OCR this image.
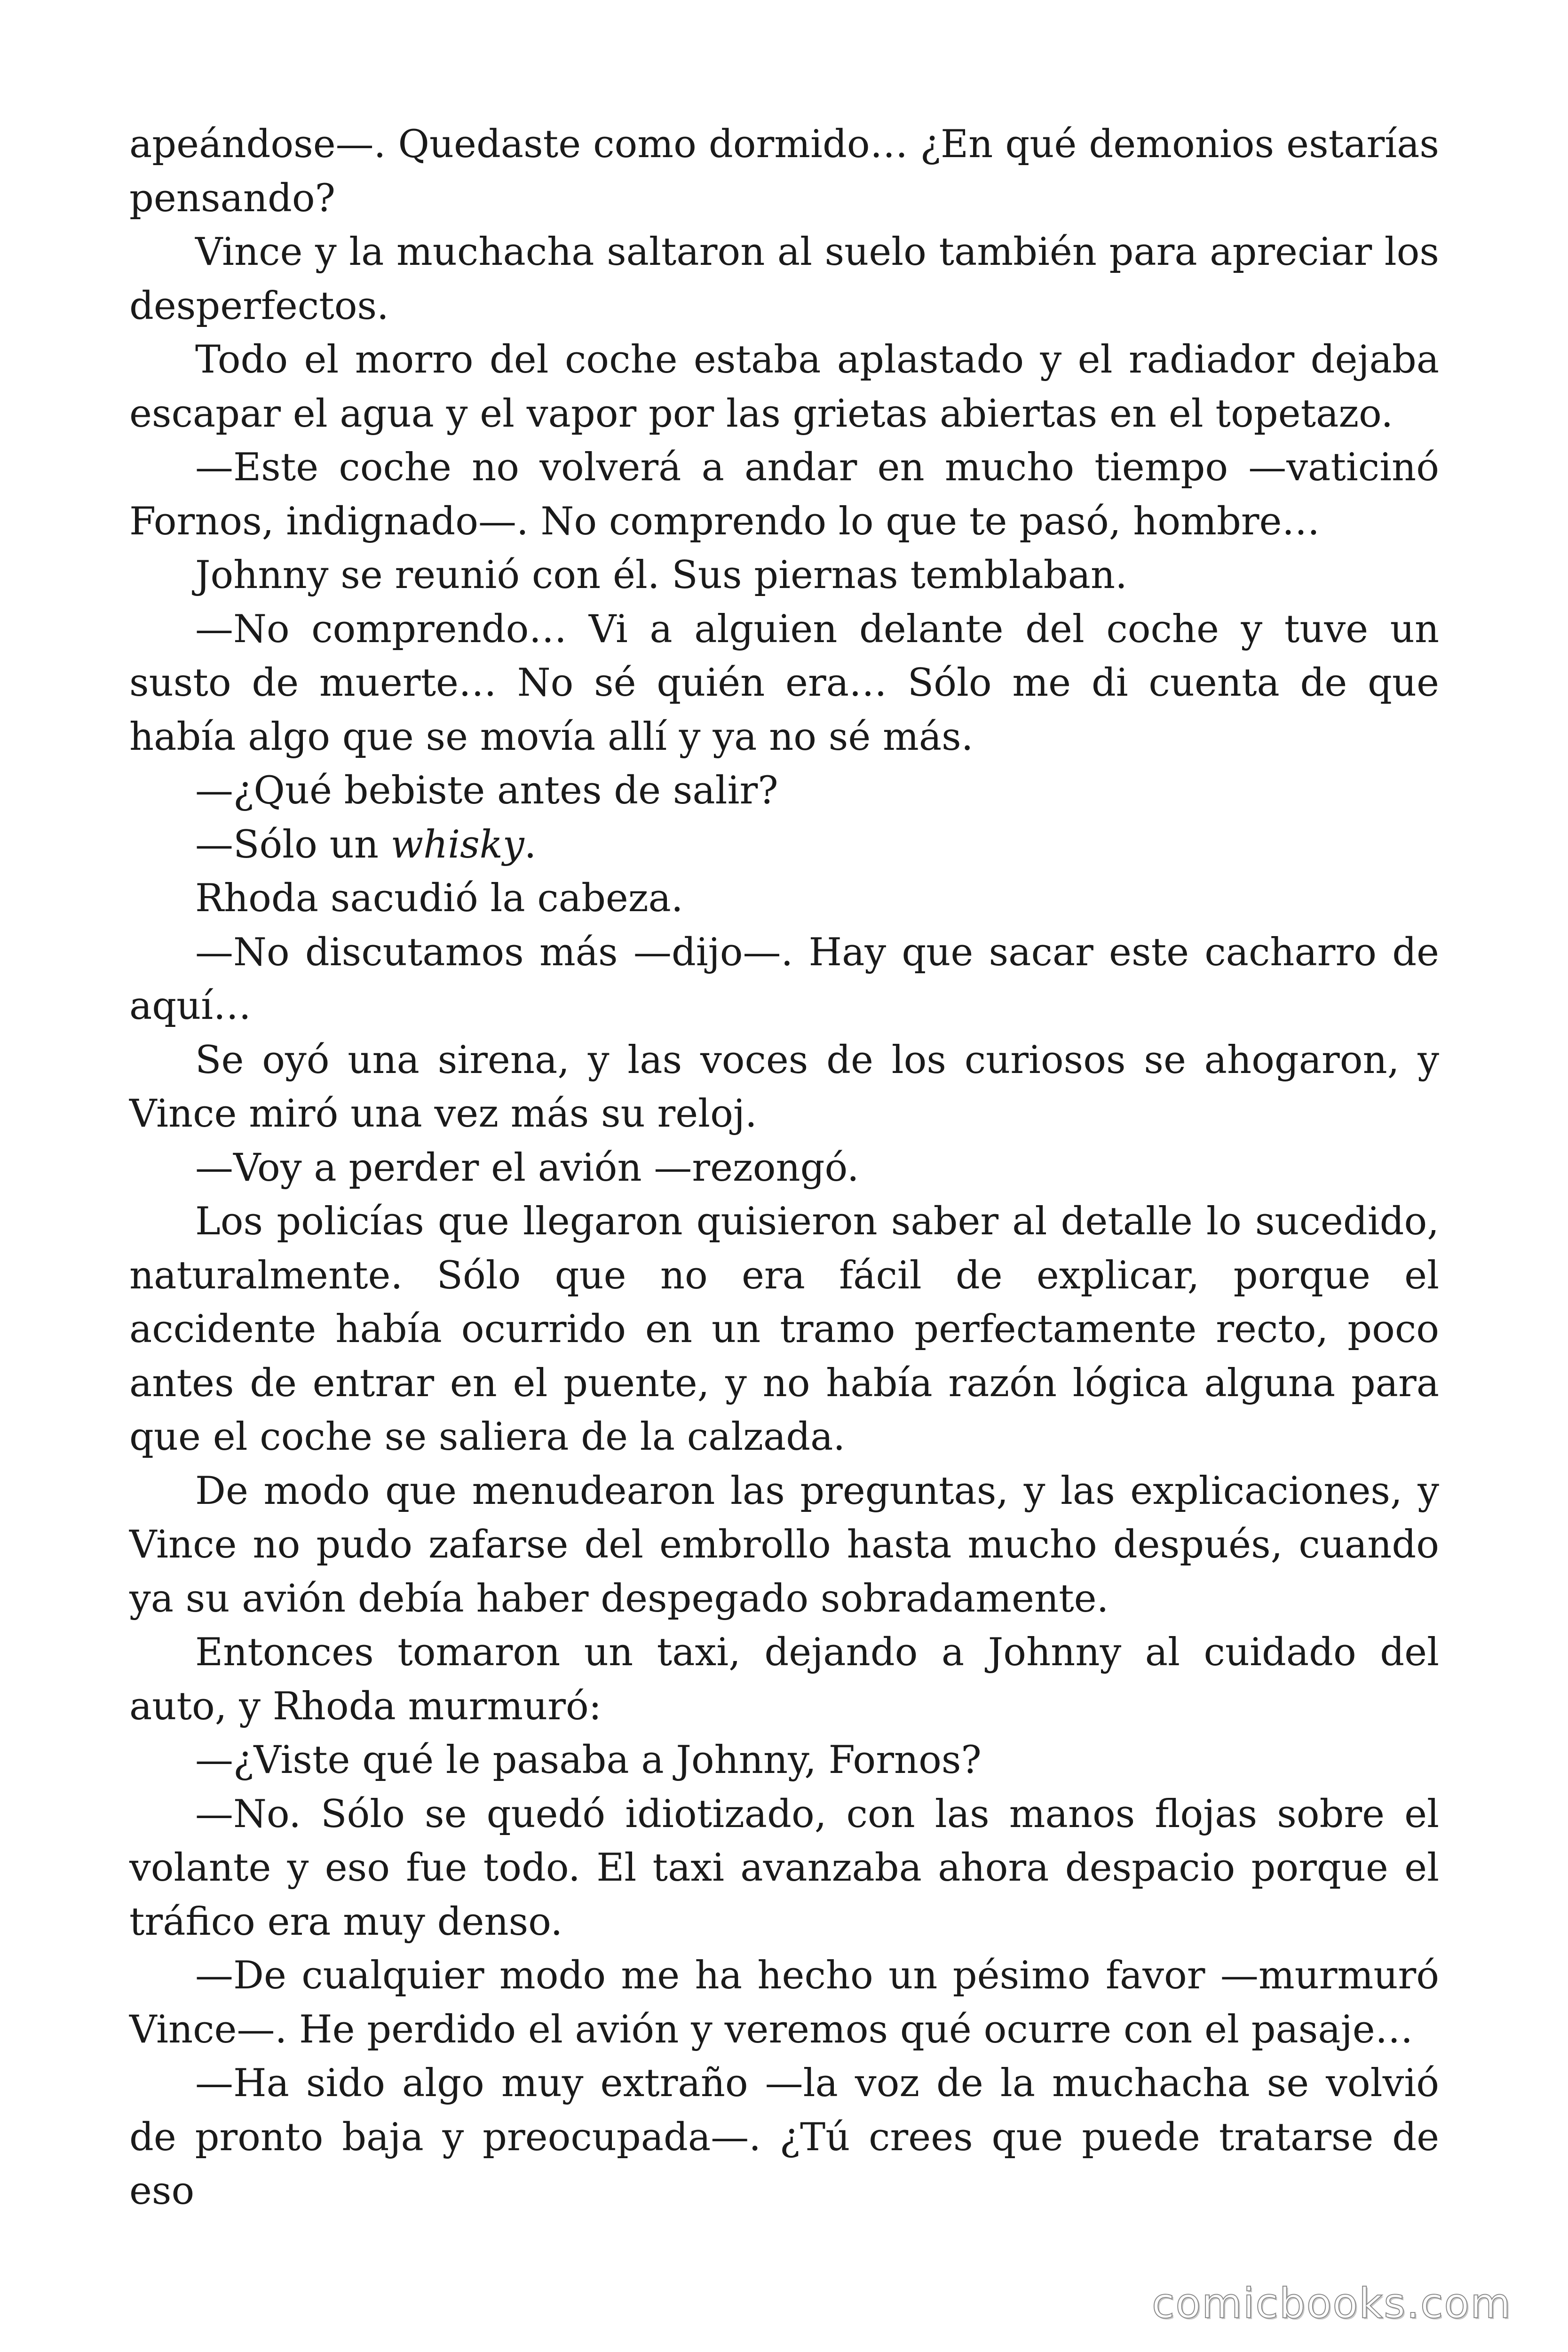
apeándose—. Quedaste como dormido… ¿En qué demonios estarías pensando?

Vince y la muchacha saltaron al suelo también para apreciar los desperfectos.

Todo el morro del coche estaba aplastado y el radiador dejaba escapar el agua y el vapor por las grietas abiertas en el topetazo.

—Este coche no volverá a andar en mucho tiempo —vaticinó Fornos, indignado—. No comprendo lo que te pasó, hombre…

Johnny se reunió con él. Sus piernas temblaban.

—No comprendo… Vi a alguien delante del coche y tuve un susto de muerte… No sé quién era… Sólo me di cuenta de que había algo que se movía allí y ya no sé más.

—¿Qué bebiste antes de salir?

—Sólo un whisky.

Rhoda sacudió la cabeza.

—No discutamos más —dijo—. Hay que sacar este cacharro de aquí…

Se oyó una sirena, y las voces de los curiosos se ahogaron, y Vince miró una vez más su reloj.

—Voy a perder el avión —rezongó.

Los policías que llegaron quisieron saber al detalle lo sucedido, naturalmente. Sólo que no era fácil de explicar, porque el accidente había ocurrido en un tramo perfectamente recto, poco antes de entrar en el puente, y no había razón lógica alguna para que el coche se saliera de la calzada.

De modo que menudearon las preguntas, y las explicaciones, y Vince no pudo zafarse del embrollo hasta mucho después, cuando ya su avión debía haber despegado sobradamente.

Entonces tomaron un taxi, dejando a Johnny al cuidado del auto, y Rhoda murmuró:

—¿Viste qué le pasaba a Johnny, Fornos?

—No. Sólo se quedó idiotizado, con las manos flojas sobre el volante y eso fue todo. El taxi avanzaba ahora despacio porque el tráfico era muy denso.

—De cualquier modo me ha hecho un pésimo favor —murmuró Vince—. He perdido el avión y veremos qué ocurre con el pasaje…

—Ha sido algo muy extraño —la voz de la muchacha se volvió de pronto baja y preocupada—. ¿Tú crees que puede tratarse de eso

comicbooks.com
